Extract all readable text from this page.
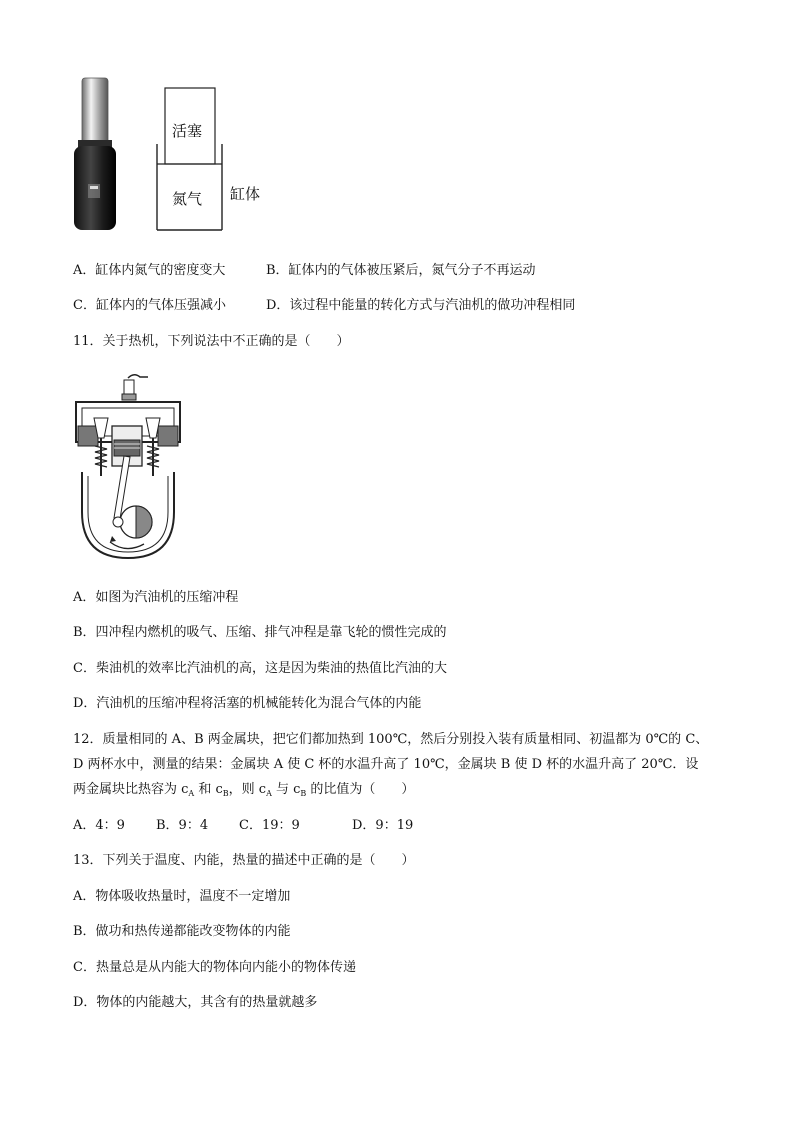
活塞
氮气 缸体
A．缸体内氮气的密度变大	B．缸体内的气体被压紧后，氮气分子不再运动
C．缸体内的气体压强减小	D．该过程中能量的转化方式与汽油机的做功冲程相同
11．关于热机，下列说法中不正确的是（　　）
A．如图为汽油机的压缩冲程
B．四冲程内燃机的吸气、压缩、排气冲程是靠飞轮的惯性完成的
C．柴油机的效率比汽油机的高，这是因为柴油的热值比汽油的大
D．汽油机的压缩冲程将活塞的机械能转化为混合气体的内能
12．质量相同的 A、B 两金属块，把它们都加热到 100℃，然后分别投入装有质量相同、初温都为 0℃的 C、
D 两杯水中，测量的结果：金属块 A 使 C 杯的水温升高了 10℃，金属块 B 使 D 杯的水温升高了 20℃．设
两金属块比热容为 $c_A$ 和 $c_B$，则 $c_A$ 与 $c_B$ 的比值为（　　）
A．4：9 B．9：4 C．19：9	D．9：19
13．下列关于温度、内能，热量的描述中正确的是（　　）
A．物体吸收热量时，温度不一定增加
B．做功和热传递都能改变物体的内能
C．热量总是从内能大的物体向内能小的物体传递
D．物体的内能越大，其含有的热量就越多
